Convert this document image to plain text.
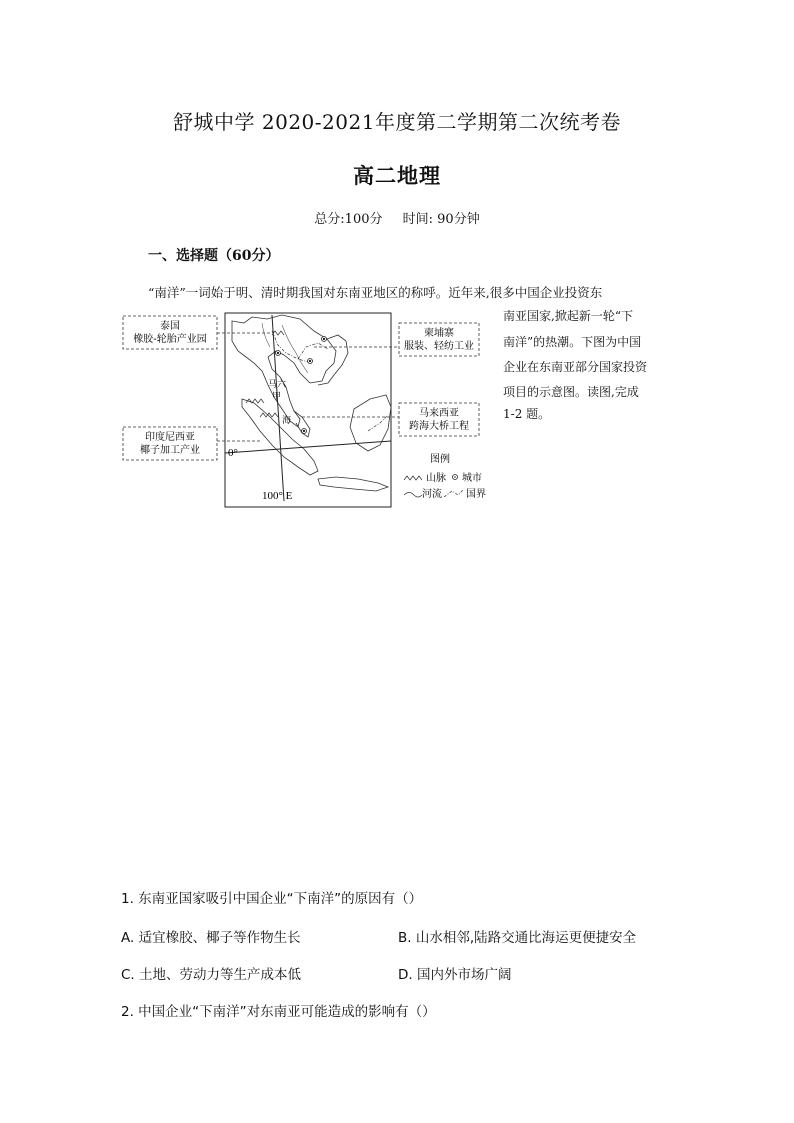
舒城中学 2020-2021年度第二学期第二次统考卷
高二地理
总分:100分 时间: 90分钟
一、选择题（60分）
“南洋”一词始于明、清时期我国对东南亚地区的称呼。近年来,很多中国企业投资东
南亚国家,掀起新一轮“下
南洋”的热潮。下图为中国
企业在东南亚部分国家投资
项目的示意图。读图,完成
1-2 题。
0°
100° E
马六
甲
海
泰国
橡胶-轮胎产业园
印度尼西亚
椰子加工产业
柬埔寨
服装、轻纺工业
马来西亚
跨海大桥工程
图例
山脉 城市
河流 国界
1. 东南亚国家吸引中国企业“下南洋”的原因有（）
A. 适宜橡胶、椰子等作物生长	B. 山水相邻,陆路交通比海运更便捷安全
C. 土地、劳动力等生产成本低	D. 国内外市场广阔
2. 中国企业“下南洋”对东南亚可能造成的影响有（）
